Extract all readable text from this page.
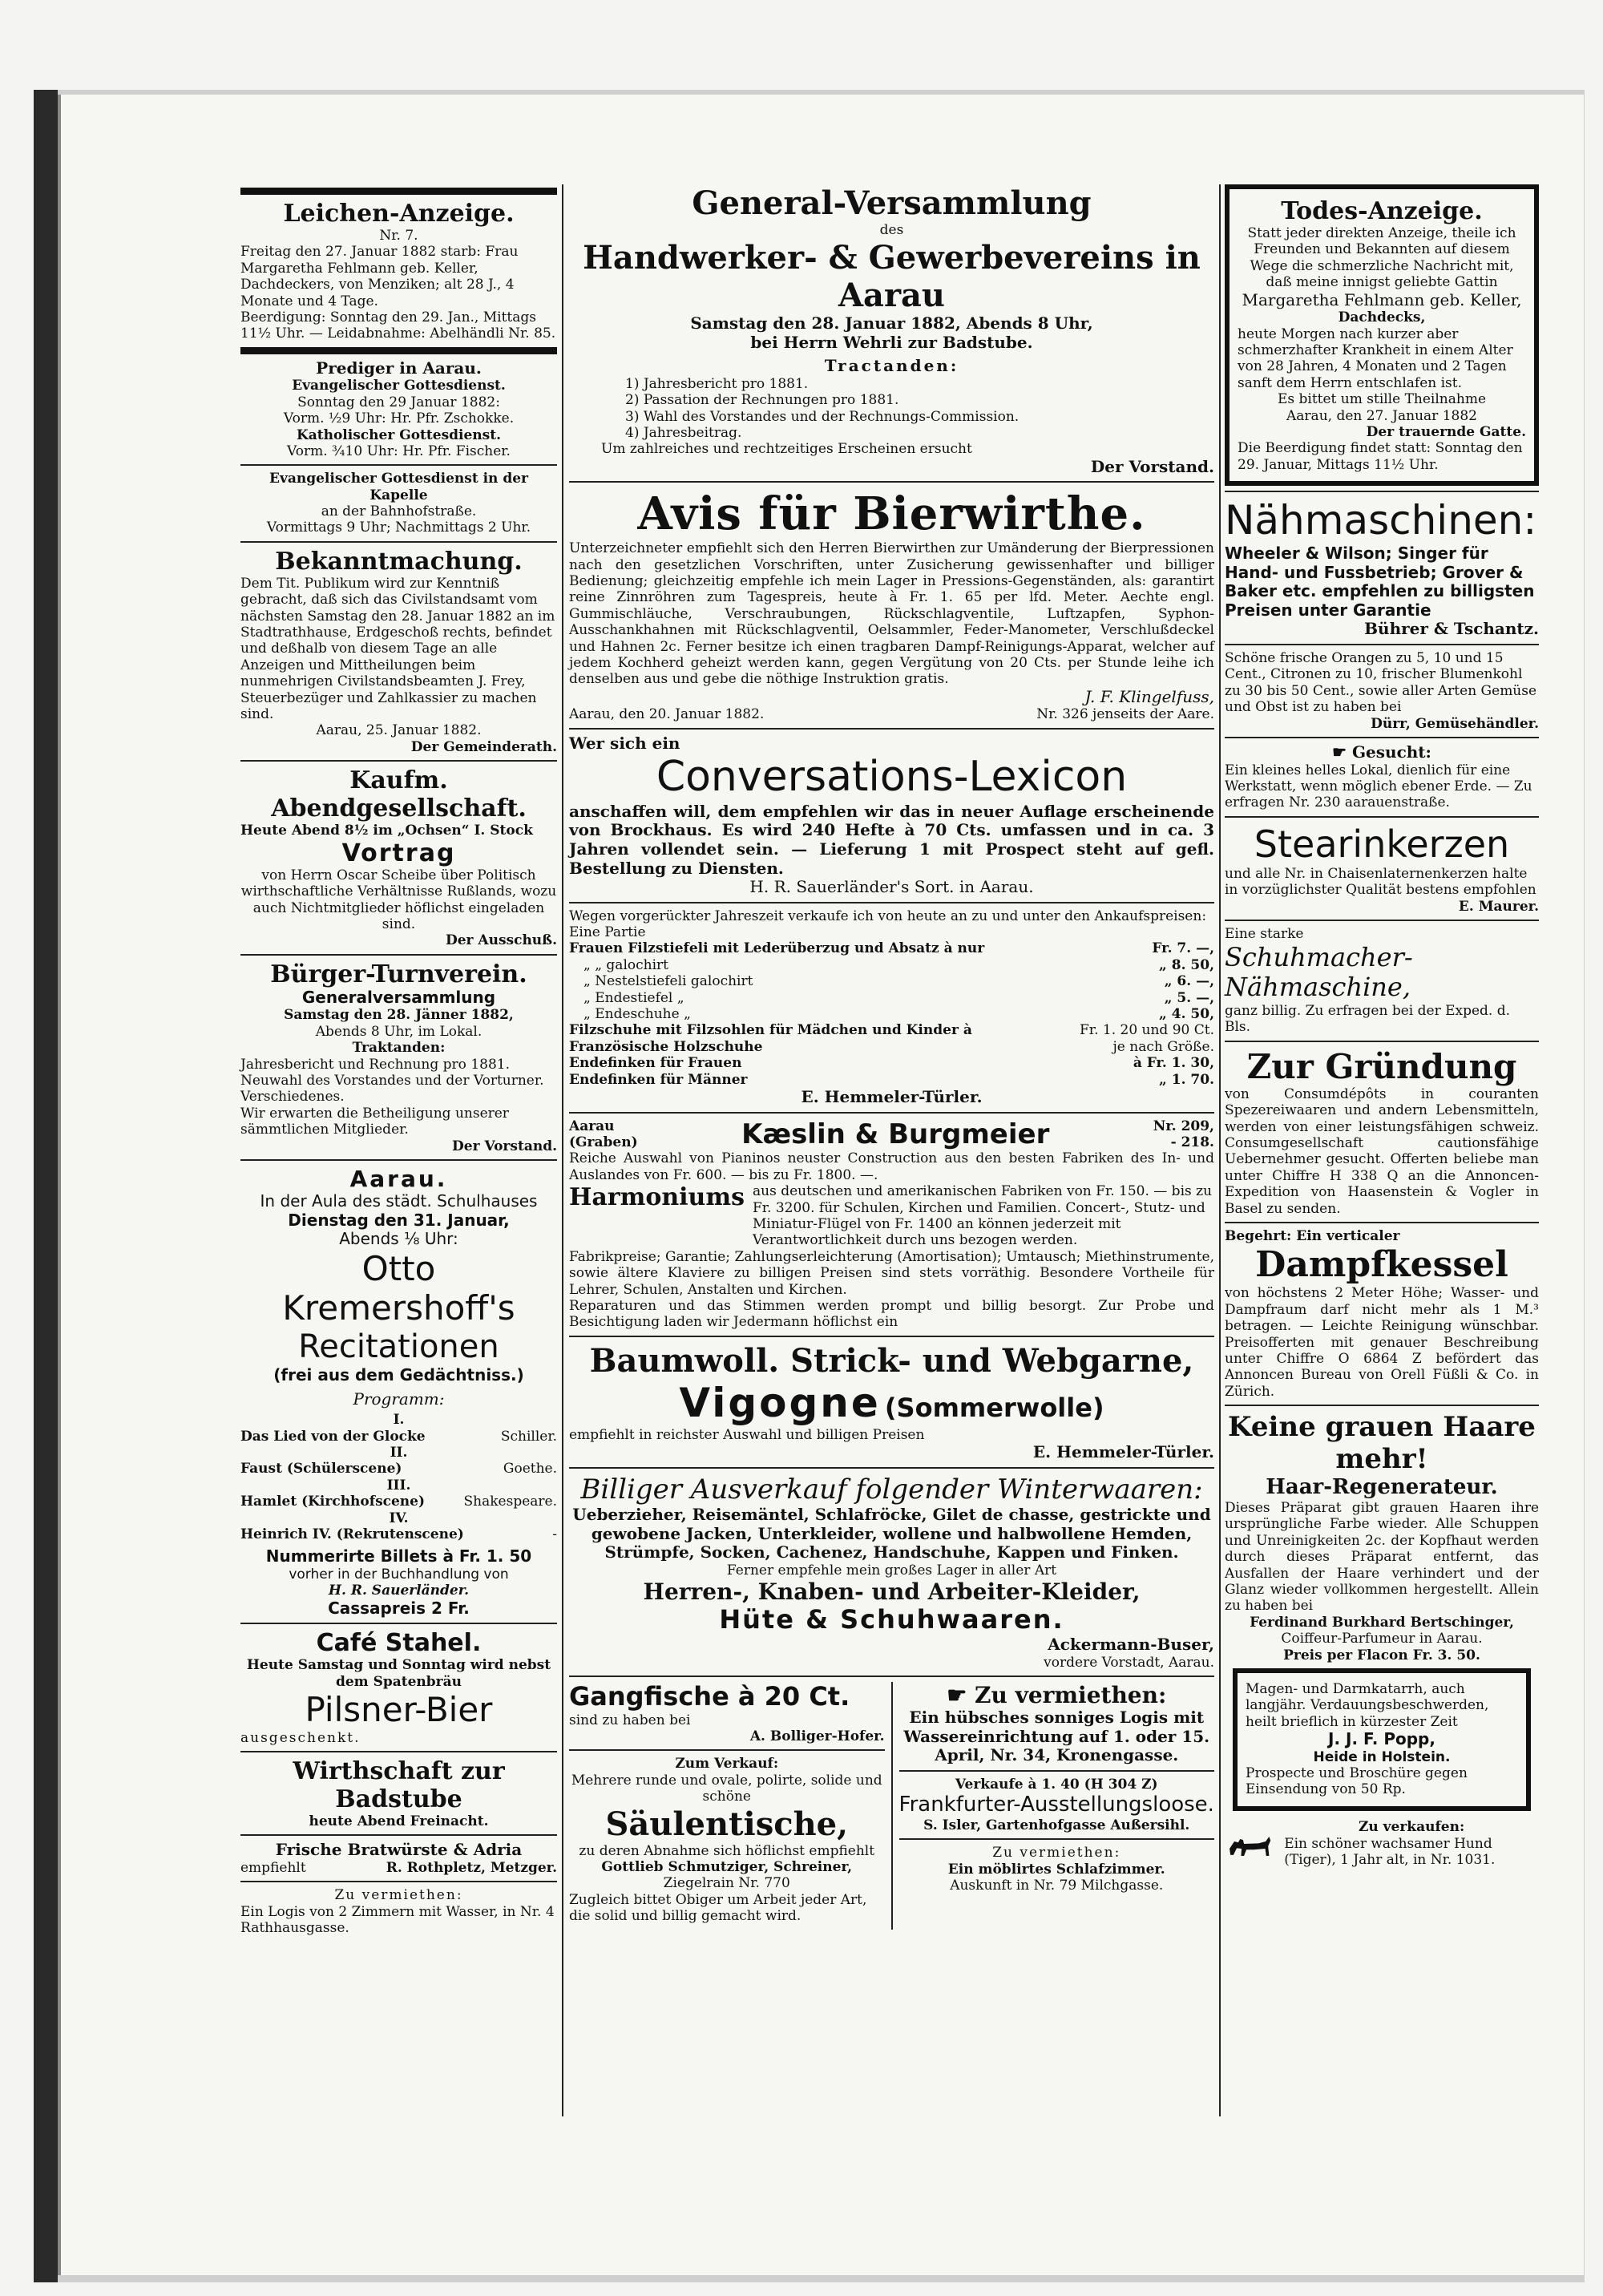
Leichen-Anzeige.

Nr. 7.

Freitag den 27. Januar 1882 starb: Frau Margaretha Fehlmann geb. Keller, Dachdeckers, von Menziken; alt 28 J., 4 Monate und 4 Tage.

Beerdigung: Sonntag den 29. Jan., Mittags 11½ Uhr. — Leidabnahme: Abelhändli Nr. 85.

Prediger in Aarau.

Evangelischer Gottesdienst.

Sonntag den 29 Januar 1882:

Vorm. ½9 Uhr: Hr. Pfr. Zschokke.

Katholischer Gottesdienst.

Vorm. ¾10 Uhr: Hr. Pfr. Fischer.

Evangelischer Gottesdienst in der Kapelle

an der Bahnhofstraße.

Vormittags 9 Uhr; Nachmittags 2 Uhr.

Bekanntmachung.

Dem Tit. Publikum wird zur Kenntniß gebracht, daß sich das Civilstandsamt vom nächsten Samstag den 28. Januar 1882 an im Stadtrathhause, Erdgeschoß rechts, befindet und deßhalb von diesem Tage an alle Anzeigen und Mittheilungen beim nunmehrigen Civilstandsbeamten J. Frey, Steuerbezüger und Zahlkassier zu machen sind.

Aarau, 25. Januar 1882.

Der Gemeinderath.

Kaufm. Abendgesellschaft.

Heute Abend 8½ im „Ochsen“ I. Stock

Vortrag

von Herrn Oscar Scheibe über Politisch wirthschaftliche Verhältnisse Rußlands, wozu auch Nichtmitglieder höflichst eingeladen sind.

Der Ausschuß.

Bürger-Turnverein.

Generalversammlung

Samstag den 28. Jänner 1882,

Abends 8 Uhr, im Lokal.

Traktanden:

Jahresbericht und Rechnung pro 1881.

Neuwahl des Vorstandes und der Vorturner.

Verschiedenes.

Wir erwarten die Betheiligung unserer sämmtlichen Mitglieder.

Der Vorstand.

Aarau.

In der Aula des städt. Schulhauses

Dienstag den 31. Januar,

Abends ⅛ Uhr:

Otto Kremershoff's
Recitationen

(frei aus dem Gedächtniss.)

Programm:

I.

Das Lied von der Glocke	Schiller.

II.

Faust (Schülerscene)	Goethe.

III.

Hamlet (Kirchhofscene)	Shakespeare.

IV.

Heinrich IV. (Rekrutenscene)	-

Nummerirte Billets à Fr. 1. 50

vorher in der Buchhandlung von

H. R. Sauerländer.

Cassapreis 2 Fr.

Café Stahel.

Heute Samstag und Sonntag wird nebst dem Spatenbräu

Pilsner-Bier

ausgeschenkt.

Wirthschaft zur Badstube

heute Abend Freinacht.

Frische Bratwürste & Adria

empfiehlt	R. Rothpletz, Metzger.

Zu vermiethen:

Ein Logis von 2 Zimmern mit Wasser, in Nr. 4 Rathhausgasse.

General-Versammlung

des

Handwerker- & Gewerbevereins in Aarau

Samstag den 28. Januar 1882, Abends 8 Uhr,

bei Herrn Wehrli zur Badstube.

Tractanden:

1) Jahresbericht pro 1881.

2) Passation der Rechnungen pro 1881.

3) Wahl des Vorstandes und der Rechnungs-Commission.

4) Jahresbeitrag.

Um zahlreiches und rechtzeitiges Erscheinen ersucht

Der Vorstand.

Avis für Bierwirthe.

Unterzeichneter empfiehlt sich den Herren Bierwirthen zur Umänderung der Bierpressionen nach den gesetzlichen Vorschriften, unter Zusicherung gewissenhafter und billiger Bedienung; gleichzeitig empfehle ich mein Lager in Pressions-Gegenständen, als: garantirt reine Zinnröhren zum Tagespreis, heute à Fr. 1. 65 per lfd. Meter. Aechte engl. Gummischläuche, Verschraubungen, Rückschlagventile, Luftzapfen, Syphon-Ausschankhahnen mit Rückschlagventil, Oelsammler, Feder-Manometer, Verschlußdeckel und Hahnen 2c. Ferner besitze ich einen tragbaren Dampf-Reinigungs-Apparat, welcher auf jedem Kochherd geheizt werden kann, gegen Vergütung von 20 Cts. per Stunde leihe ich denselben aus und gebe die nöthige Instruktion gratis.

J. F. Klingelfuss,

Aarau, den 20. Januar 1882.	Nr. 326 jenseits der Aare.

Wer sich ein

Conversations-Lexicon

anschaffen will, dem empfehlen wir das in neuer Auflage erscheinende von Brockhaus. Es wird 240 Hefte à 70 Cts. umfassen und in ca. 3 Jahren vollendet sein. — Lieferung 1 mit Prospect steht auf gefl. Bestellung zu Diensten.

H. R. Sauerländer's Sort. in Aarau.

Wegen vorgerückter Jahreszeit verkaufe ich von heute an zu und unter den Ankaufspreisen: Eine Partie

Frauen Filzstiefeli mit Lederüberzug und Absatz à nur	Fr. 7. —,
„ „ galochirt	„ 8. 50,
„ Nestelstiefeli galochirt	„ 6. —,
„ Endestiefel „	„ 5. —,
„ Endeschuhe „	„ 4. 50,
Filzschuhe mit Filzsohlen für Mädchen und Kinder à	Fr. 1. 20 und 90 Ct.
Französische Holzschuhe	je nach Größe.
Endefinken für Frauen	à Fr. 1. 30,
Endefinken für Männer	„ 1. 70.

E. Hemmeler-Türler.

Aarau
(Graben)	Kæslin & Burgmeier	Nr. 209,
- 218.

Reiche Auswahl von Pianinos neuster Construction aus den besten Fabriken des In- und Auslandes von Fr. 600. — bis zu Fr. 1800. —.

Harmoniums aus deutschen und amerikanischen Fabriken von Fr. 150. — bis zu Fr. 3200. für Schulen, Kirchen und Familien. Concert-, Stutz- und Miniatur-Flügel von Fr. 1400 an können jederzeit mit Verantwortlichkeit durch uns bezogen werden.

Fabrikpreise; Garantie; Zahlungserleichterung (Amortisation); Umtausch; Miethinstrumente, sowie ältere Klaviere zu billigen Preisen sind stets vorräthig. Besondere Vortheile für Lehrer, Schulen, Anstalten und Kirchen.

Reparaturen und das Stimmen werden prompt und billig besorgt. Zur Probe und Besichtigung laden wir Jedermann höflichst ein

Baumwoll. Strick- und Webgarne,
Vigogne (Sommerwolle)

empfiehlt in reichster Auswahl und billigen Preisen

E. Hemmeler-Türler.

Billiger Ausverkauf folgender Winterwaaren:

Ueberzieher, Reisemäntel, Schlafröcke, Gilet de chasse, gestrickte und gewobene Jacken, Unterkleider, wollene und halbwollene Hemden, Strümpfe, Socken, Cachenez, Handschuhe, Kappen und Finken.

Ferner empfehle mein großes Lager in aller Art

Herren-, Knaben- und Arbeiter-Kleider,
Hüte & Schuhwaaren.

Ackermann-Buser,

vordere Vorstadt, Aarau.

Gangfische à 20 Ct.

sind zu haben bei

A. Bolliger-Hofer.

Zum Verkauf:

Mehrere runde und ovale, polirte, solide und schöne

Säulentische,

zu deren Abnahme sich höflichst empfiehlt

Gottlieb Schmutziger, Schreiner,

Ziegelrain Nr. 770

Zugleich bittet Obiger um Arbeit jeder Art, die solid und billig gemacht wird.

☛ Zu vermiethen:

Ein hübsches sonniges Logis mit Wassereinrichtung auf 1. oder 15. April, Nr. 34, Kronengasse.

Verkaufe à 1. 40 (H 304 Z)

Frankfurter-Ausstellungsloose.

S. Isler, Gartenhofgasse Außersihl.

Zu vermiethen:

Ein möblirtes Schlafzimmer.

Auskunft in Nr. 79 Milchgasse.

Todes-Anzeige.

Statt jeder direkten Anzeige, theile ich Freunden und Bekannten auf diesem Wege die schmerzliche Nachricht mit, daß meine innigst geliebte Gattin

Margaretha Fehlmann geb. Keller,

Dachdecks,

heute Morgen nach kurzer aber schmerzhafter Krankheit in einem Alter von 28 Jahren, 4 Monaten und 2 Tagen sanft dem Herrn entschlafen ist.

Es bittet um stille Theilnahme

Aarau, den 27. Januar 1882

Der trauernde Gatte.

Die Beerdigung findet statt: Sonntag den 29. Januar, Mittags 11½ Uhr.

Nähmaschinen:

Wheeler & Wilson; Singer für Hand- und Fussbetrieb; Grover & Baker etc. empfehlen zu billigsten Preisen unter Garantie

Bührer & Tschantz.

Schöne frische Orangen zu 5, 10 und 15 Cent., Citronen zu 10, frischer Blumenkohl zu 30 bis 50 Cent., sowie aller Arten Gemüse und Obst ist zu haben bei

Dürr, Gemüsehändler.

☛ Gesucht:

Ein kleines helles Lokal, dienlich für eine Werkstatt, wenn möglich ebener Erde. — Zu erfragen Nr. 230 aarauenstraße.

Stearinkerzen

und alle Nr. in Chaisenlaternenkerzen halte in vorzüglichster Qualität bestens empfohlen

E. Maurer.

Eine starke

Schuhmacher-Nähmaschine,

ganz billig. Zu erfragen bei der Exped. d. Bls.

Zur Gründung

von Consumdépôts in couranten Spezereiwaaren und andern Lebensmitteln, werden von einer leistungsfähigen schweiz. Consumgesellschaft cautionsfähige Uebernehmer gesucht. Offerten beliebe man unter Chiffre H 338 Q an die Annoncen-Expedition von Haasenstein & Vogler in Basel zu senden.

Begehrt: Ein verticaler

Dampfkessel

von höchstens 2 Meter Höhe; Wasser- und Dampfraum darf nicht mehr als 1 M.³ betragen. — Leichte Reinigung wünschbar. Preisofferten mit genauer Beschreibung unter Chiffre O 6864 Z befördert das Annoncen Bureau von Orell Füßli & Co. in Zürich.

Keine grauen Haare mehr!
Haar-Regenerateur.

Dieses Präparat gibt grauen Haaren ihre ursprüngliche Farbe wieder. Alle Schuppen und Unreinigkeiten 2c. der Kopfhaut werden durch dieses Präparat entfernt, das Ausfallen der Haare verhindert und der Glanz wieder vollkommen hergestellt. Allein zu haben bei

Ferdinand Burkhard Bertschinger,

Coiffeur-Parfumeur in Aarau.

Preis per Flacon Fr. 3. 50.

Magen- und Darmkatarrh, auch langjähr. Verdauungsbeschwerden, heilt brieflich in kürzester Zeit

J. J. F. Popp,

Heide in Holstein.

Prospecte und Broschüre gegen Einsendung von 50 Rp.

Zu verkaufen:

Ein schöner wachsamer Hund (Tiger), 1 Jahr alt, in Nr. 1031.
